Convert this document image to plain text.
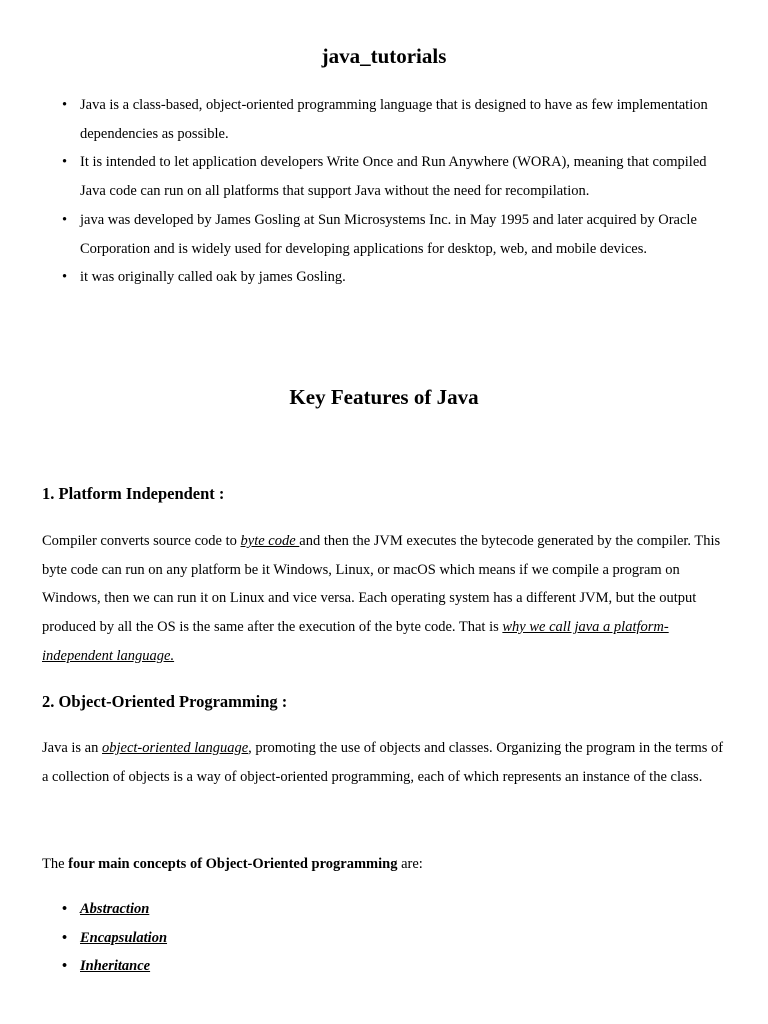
java_tutorials
• Java is a class-based, object-oriented programming language that is designed to have as few implementation dependencies as possible.
• It is intended to let application developers Write Once and Run Anywhere (WORA), meaning that compiled Java code can run on all platforms that support Java without the need for recompilation.
• java was developed by James Gosling at Sun Microsystems Inc. in May 1995 and later acquired by Oracle Corporation and is widely used for developing applications for desktop, web, and mobile devices.
• it was originally called oak by james Gosling.
Key Features of Java
1. Platform Independent :

Compiler converts source code to byte code and then the JVM executes the bytecode generated by the compiler. This byte code can run on any platform be it Windows, Linux, or macOS which means if we compile a program on Windows, then we can run it on Linux and vice versa. Each operating system has a different JVM, but the output produced by all the OS is the same after the execution of the byte code. That is why we call java a platform-independent language.

2. Object-Oriented Programming :

Java is an object-oriented language, promoting the use of objects and classes. Organizing the program in the terms of a collection of objects is a way of object-oriented programming, each of which represents an instance of the class.

The four main concepts of Object-Oriented programming are:

• Abstraction
• Encapsulation
• Inheritance
